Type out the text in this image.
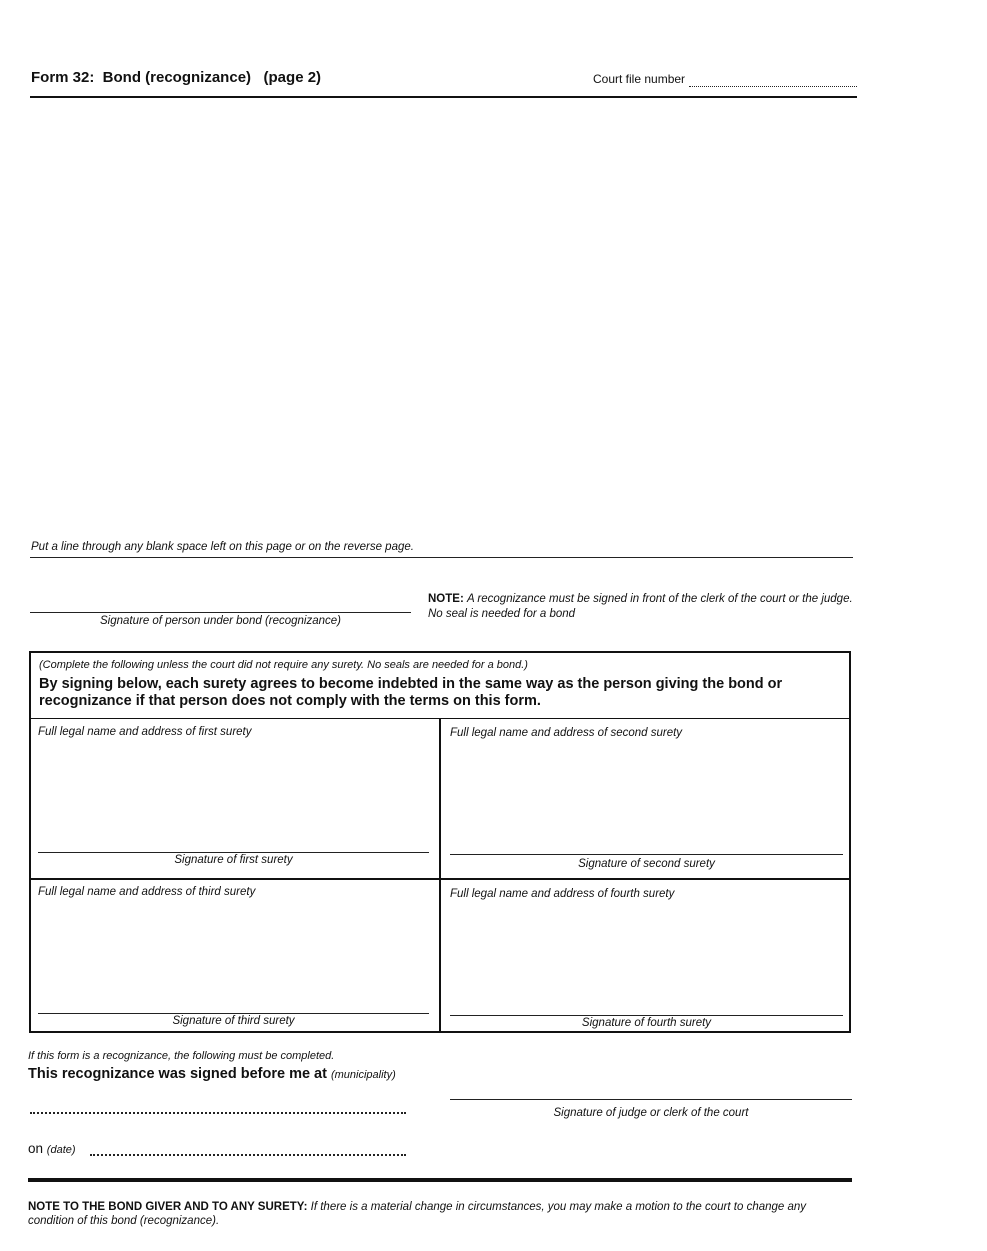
Form 32:  Bond (recognizance)   (page 2)	Court file number
Put a line through any blank space left on this page or on the reverse page.
Signature of person under bond (recognizance)
NOTE: A recognizance must be signed in front of the clerk of the court or the judge. No seal is needed for a bond
(Complete the following unless the court did not require any surety. No seals are needed for a bond.)
By signing below, each surety agrees to become indebted in the same way as the person giving the bond or recognizance if that person does not comply with the terms on this form.
Full legal name and address of first surety
Signature of first surety
Full legal name and address of second surety
Signature of second surety
Full legal name and address of third surety
Signature of third surety
Full legal name and address of fourth surety
Signature of fourth surety
If this form is a recognizance, the following must be completed.
This recognizance was signed before me at (municipality)
Signature of judge or clerk of the court
on (date)
NOTE TO THE BOND GIVER AND TO ANY SURETY: If there is a material change in circumstances, you may make a motion to the court to change any condition of this bond (recognizance).
